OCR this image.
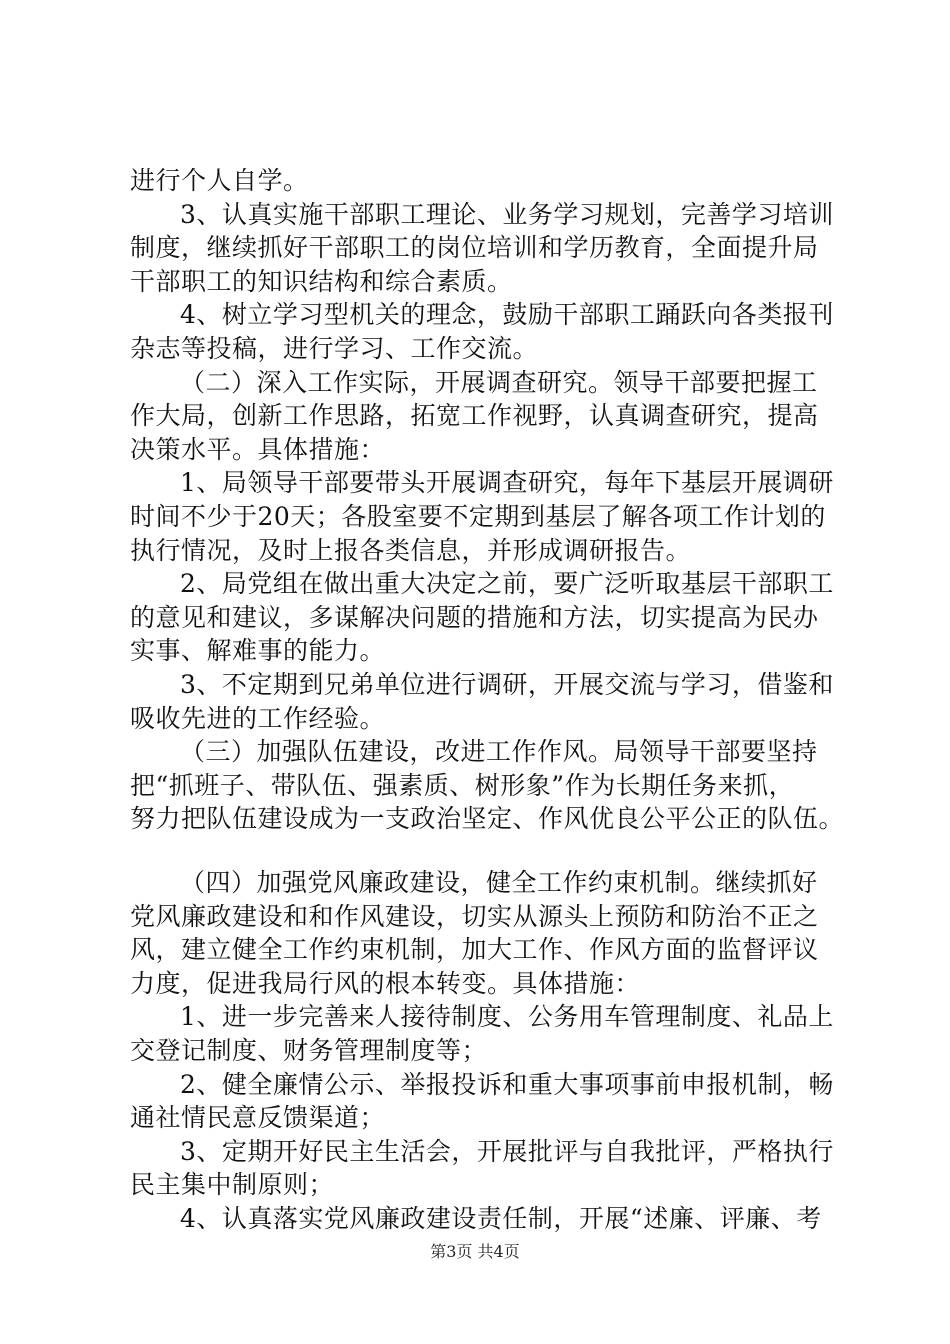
进行个人自学。
3、认真实施干部职工理论、业务学习规划，完善学习培训
制度，继续抓好干部职工的岗位培训和学历教育，全面提升局
干部职工的知识结构和综合素质。
4、树立学习型机关的理念，鼓励干部职工踊跃向各类报刊
杂志等投稿，进行学习、工作交流。
（二）深入工作实际，开展调查研究。领导干部要把握工
作大局，创新工作思路，拓宽工作视野，认真调查研究，提高
决策水平。具体措施：
1、局领导干部要带头开展调查研究，每年下基层开展调研
时间不少于20天；各股室要不定期到基层了解各项工作计划的
执行情况，及时上报各类信息，并形成调研报告。
2、局党组在做出重大决定之前，要广泛听取基层干部职工
的意见和建议，多谋解决问题的措施和方法，切实提高为民办
实事、解难事的能力。
3、不定期到兄弟单位进行调研，开展交流与学习，借鉴和
吸收先进的工作经验。
（三）加强队伍建设，改进工作作风。局领导干部要坚持
把“抓班子、带队伍、强素质、树形象”作为长期任务来抓，
努力把队伍建设成为一支政治坚定、作风优良公平公正的队伍。
（四）加强党风廉政建设，健全工作约束机制。继续抓好
党风廉政建设和和作风建设，切实从源头上预防和防治不正之
风，建立健全工作约束机制，加大工作、作风方面的监督评议
力度，促进我局行风的根本转变。具体措施：
1、进一步完善来人接待制度、公务用车管理制度、礼品上
交登记制度、财务管理制度等；
2、健全廉情公示、举报投诉和重大事项事前申报机制，畅
通社情民意反馈渠道；
3、定期开好民主生活会，开展批评与自我批评，严格执行
民主集中制原则；
4、认真落实党风廉政建设责任制，开展“述廉、评廉、考
第3页 共4页
